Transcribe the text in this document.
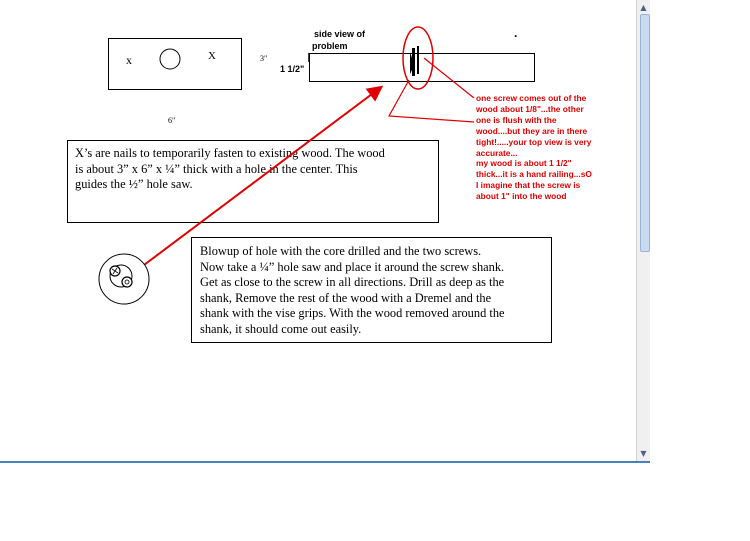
x	X	3"
6"
side view of
problem
.
1 1/2"
X’s are nails to temporarily fasten to existing wood. The wood
is about 3” x 6” x ¼” thick with a hole in the center. This
guides the ½” hole saw.
Blowup of hole with the core drilled and the two screws.
Now take a ¼” hole saw and place it around the screw shank.
Get as close to the screw in all directions. Drill as deep as the
shank, Remove the rest of the wood with a Dremel and the
shank with the vise grips. With the wood removed around the
shank, it should come out easily.
one screw comes out of the
wood about 1/8"...the other
one is flush with the
wood....but they are in there
tight!.....your top view is very
accurate...
my wood is about 1 1/2"
thick...it is a hand railing...sO
I imagine that the screw is
about 1" into the wood
▲
▼
